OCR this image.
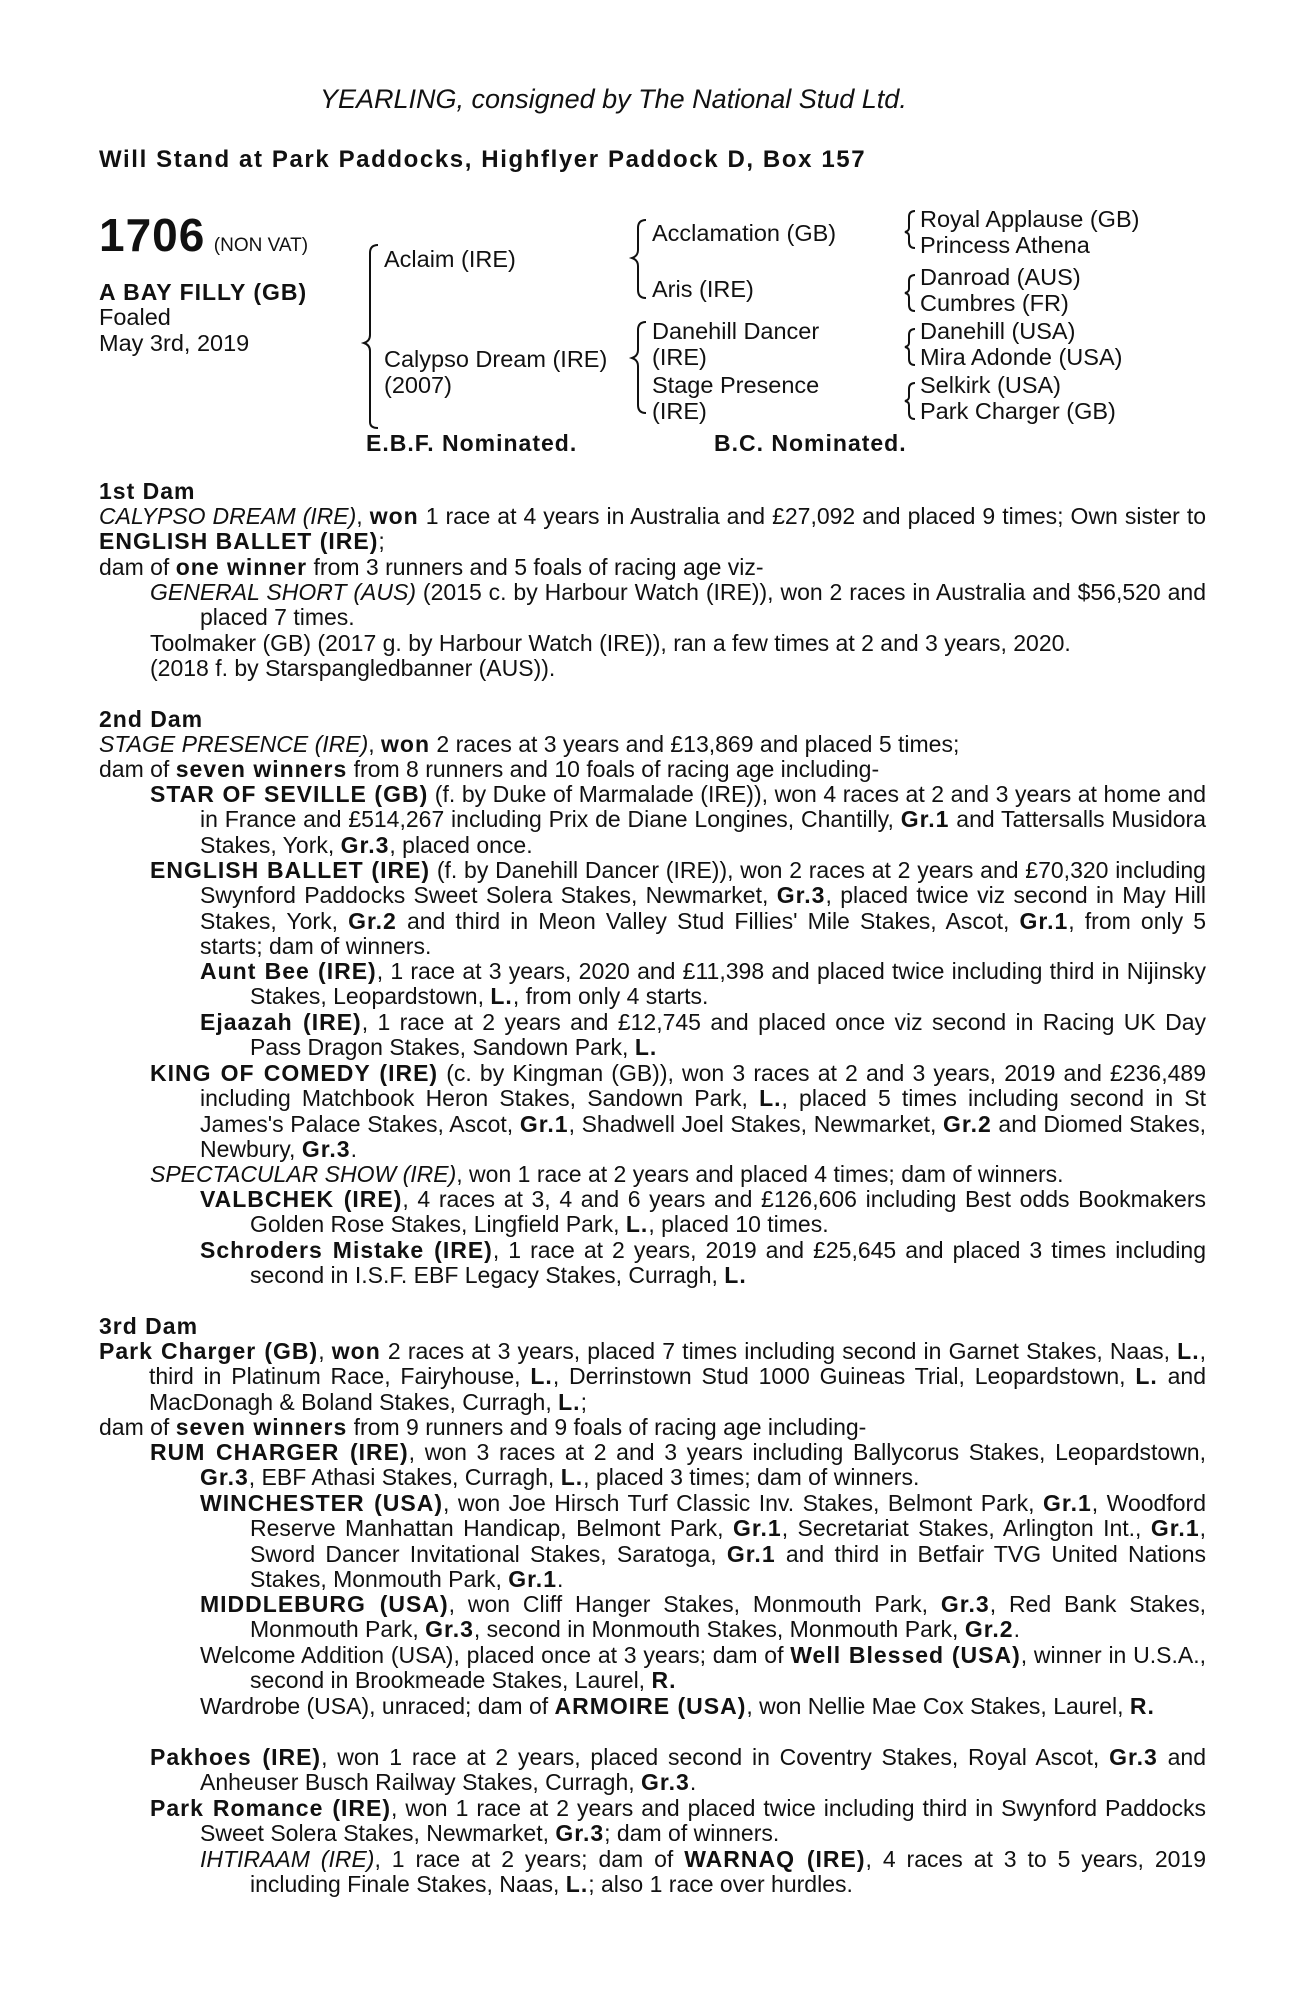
YEARLING, consigned by The National Stud Ltd.
Will Stand at Park Paddocks, Highflyer Paddock D, Box 157
1706 (NON VAT)
A BAY FILLY (GB)
Foaled
May 3rd, 2019
Aclaim (IRE)
Calypso Dream (IRE)
(2007)
Acclamation (GB)
Aris (IRE)
Danehill Dancer
(IRE)
Stage Presence
(IRE)
Royal Applause (GB)
Princess Athena
Danroad (AUS)
Cumbres (FR)
Danehill (USA)
Mira Adonde (USA)
Selkirk (USA)
Park Charger (GB)
E.B.F. Nominated.	B.C. Nominated.
1st Dam
CALYPSO DREAM (IRE), won 1 race at 4 years in Australia and £27,092 and placed 9 times; Own sister to ENGLISH BALLET (IRE);
dam of one winner from 3 runners and 5 foals of racing age viz-
GENERAL SHORT (AUS) (2015 c. by Harbour Watch (IRE)), won 2 races in Australia and $56,520 and placed 7 times.
Toolmaker (GB) (2017 g. by Harbour Watch (IRE)), ran a few times at 2 and 3 years, 2020.
(2018 f. by Starspangledbanner (AUS)).
2nd Dam
STAGE PRESENCE (IRE), won 2 races at 3 years and £13,869 and placed 5 times;
dam of seven winners from 8 runners and 10 foals of racing age including-
STAR OF SEVILLE (GB) (f. by Duke of Marmalade (IRE)), won 4 races at 2 and 3 years at home and in France and £514,267 including Prix de Diane Longines, Chantilly, Gr.1 and Tattersalls Musidora Stakes, York, Gr.3, placed once.
ENGLISH BALLET (IRE) (f. by Danehill Dancer (IRE)), won 2 races at 2 years and £70,320 including Swynford Paddocks Sweet Solera Stakes, Newmarket, Gr.3, placed twice viz second in May Hill Stakes, York, Gr.2 and third in Meon Valley Stud Fillies' Mile Stakes, Ascot, Gr.1, from only 5 starts; dam of winners.
Aunt Bee (IRE), 1 race at 3 years, 2020 and £11,398 and placed twice including third in Nijinsky Stakes, Leopardstown, L., from only 4 starts.
Ejaazah (IRE), 1 race at 2 years and £12,745 and placed once viz second in Racing UK Day Pass Dragon Stakes, Sandown Park, L.
KING OF COMEDY (IRE) (c. by Kingman (GB)), won 3 races at 2 and 3 years, 2019 and £236,489 including Matchbook Heron Stakes, Sandown Park, L., placed 5 times including second in St James's Palace Stakes, Ascot, Gr.1, Shadwell Joel Stakes, Newmarket, Gr.2 and Diomed Stakes, Newbury, Gr.3.
SPECTACULAR SHOW (IRE), won 1 race at 2 years and placed 4 times; dam of winners.
VALBCHEK (IRE), 4 races at 3, 4 and 6 years and £126,606 including Best odds Bookmakers Golden Rose Stakes, Lingfield Park, L., placed 10 times.
Schroders Mistake (IRE), 1 race at 2 years, 2019 and £25,645 and placed 3 times including second in I.S.F. EBF Legacy Stakes, Curragh, L.
3rd Dam
Park Charger (GB), won 2 races at 3 years, placed 7 times including second in Garnet Stakes, Naas, L., third in Platinum Race, Fairyhouse, L., Derrinstown Stud 1000 Guineas Trial, Leopardstown, L. and MacDonagh & Boland Stakes, Curragh, L.;
dam of seven winners from 9 runners and 9 foals of racing age including-
RUM CHARGER (IRE), won 3 races at 2 and 3 years including Ballycorus Stakes, Leopardstown, Gr.3, EBF Athasi Stakes, Curragh, L., placed 3 times; dam of winners.
WINCHESTER (USA), won Joe Hirsch Turf Classic Inv. Stakes, Belmont Park, Gr.1, Woodford Reserve Manhattan Handicap, Belmont Park, Gr.1, Secretariat Stakes, Arlington Int., Gr.1, Sword Dancer Invitational Stakes, Saratoga, Gr.1 and third in Betfair TVG United Nations Stakes, Monmouth Park, Gr.1.
MIDDLEBURG (USA), won Cliff Hanger Stakes, Monmouth Park, Gr.3, Red Bank Stakes, Monmouth Park, Gr.3, second in Monmouth Stakes, Monmouth Park, Gr.2.
Welcome Addition (USA), placed once at 3 years; dam of Well Blessed (USA), winner in U.S.A., second in Brookmeade Stakes, Laurel, R.
Wardrobe (USA), unraced; dam of ARMOIRE (USA), won Nellie Mae Cox Stakes, Laurel, R.
Pakhoes (IRE), won 1 race at 2 years, placed second in Coventry Stakes, Royal Ascot, Gr.3 and Anheuser Busch Railway Stakes, Curragh, Gr.3.
Park Romance (IRE), won 1 race at 2 years and placed twice including third in Swynford Paddocks Sweet Solera Stakes, Newmarket, Gr.3; dam of winners.
IHTIRAAM (IRE), 1 race at 2 years; dam of WARNAQ (IRE), 4 races at 3 to 5 years, 2019 including Finale Stakes, Naas, L.; also 1 race over hurdles.
